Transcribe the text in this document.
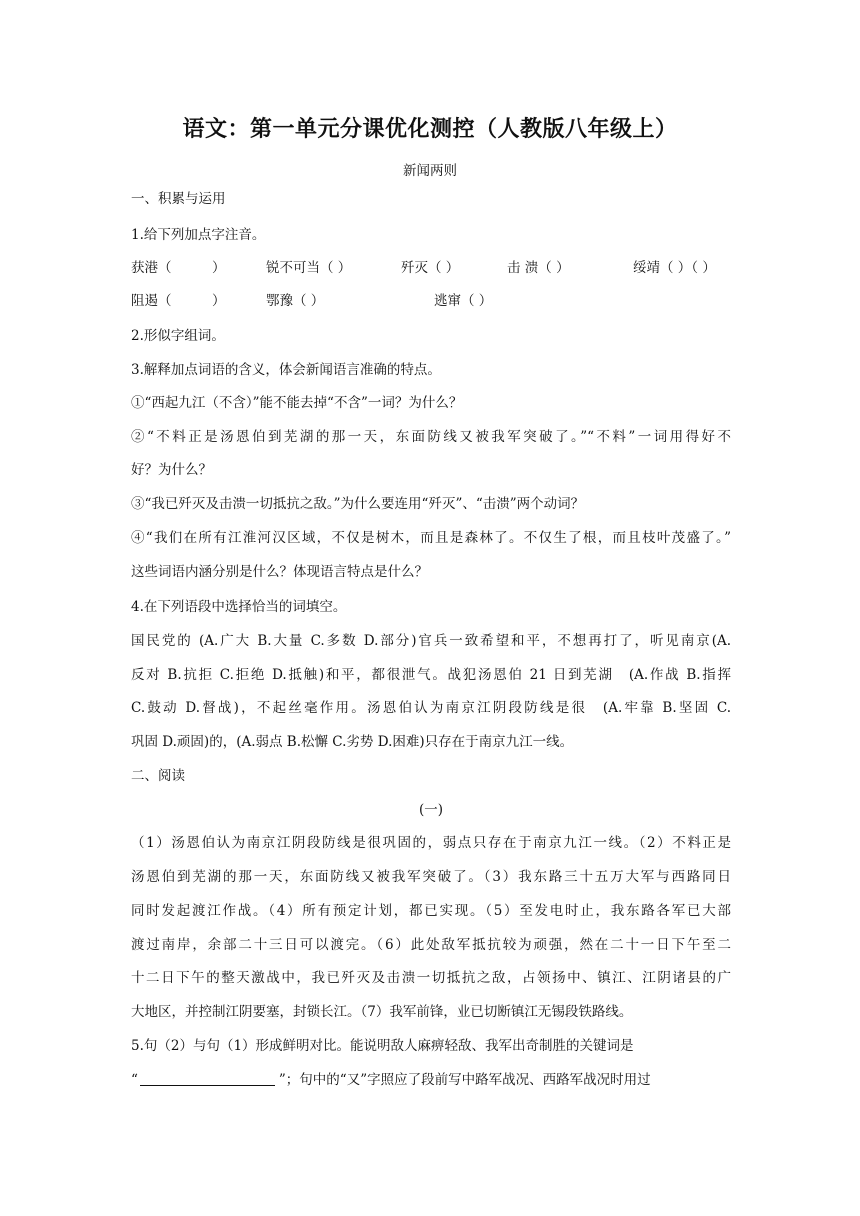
语文：第一单元分课优化测控（人教版八年级上）
新闻两则
一、积累与运用
1.给下列加点字注音。
获港（　　　）	锐不可当（ ）	歼灭（ ）	击 溃（ ）	绥靖（ ）（ ）
阻遏（　　　）	鄂豫（ ）	逃窜（ ）
2.形似字组词。
3.解释加点词语的含义，体会新闻语言准确的特点。
①“西起九江（不含）”能不能去掉“不含”一词？为什么？
②“不料正是汤恩伯到芜湖的那一天，东面防线又被我军突破了。”“不料”一词用得好不
好？为什么？
③“我已歼灭及击溃一切抵抗之敌。”为什么要连用“歼灭”、“击溃”两个动词？
④“我们在所有江淮河汉区域，不仅是树木，而且是森林了。不仅生了根，而且枝叶茂盛了。”
这些词语内涵分别是什么？体现语言特点是什么？
4.在下列语段中选择恰当的词填空。
国民党的 (A.广大 B.大量 C.多数 D.部分)官兵一致希望和平，不想再打了，听见南京(A.
反对 B.抗拒 C.拒绝 D.抵触)和平，都很泄气。战犯汤恩伯 21 日到芜湖　(A.作战 B.指挥
C.鼓动 D.督战)，不起丝毫作用。汤恩伯认为南京江阴段防线是很　(A.牢靠 B.坚固 C.
巩固 D.顽固)的，(A.弱点 B.松懈 C.劣势 D.困难)只存在于南京九江一线。
二、阅读
(一)
（1）汤恩伯认为南京江阴段防线是很巩固的，弱点只存在于南京九江一线。（2）不料正是
汤恩伯到芜湖的那一天，东面防线又被我军突破了。（3）我东路三十五万大军与西路同日
同时发起渡江作战。（4）所有预定计划，都已实现。（5）至发电时止，我东路各军已大部
渡过南岸，余部二十三日可以渡完。（6）此处敌军抵抗较为顽强，然在二十一日下午至二
十二日下午的整天激战中，我已歼灭及击溃一切抵抗之敌，占领扬中、镇江、江阴诸县的广
大地区，并控制江阴要塞，封锁长江。（7）我军前锋，业已切断镇江无锡段铁路线。
5.句（2）与句（1）形成鲜明对比。能说明敌人麻痹轻敌、我军出奇制胜的关键词是
“	”；句中的“又”字照应了段前写中路军战况、西路军战况时用过
